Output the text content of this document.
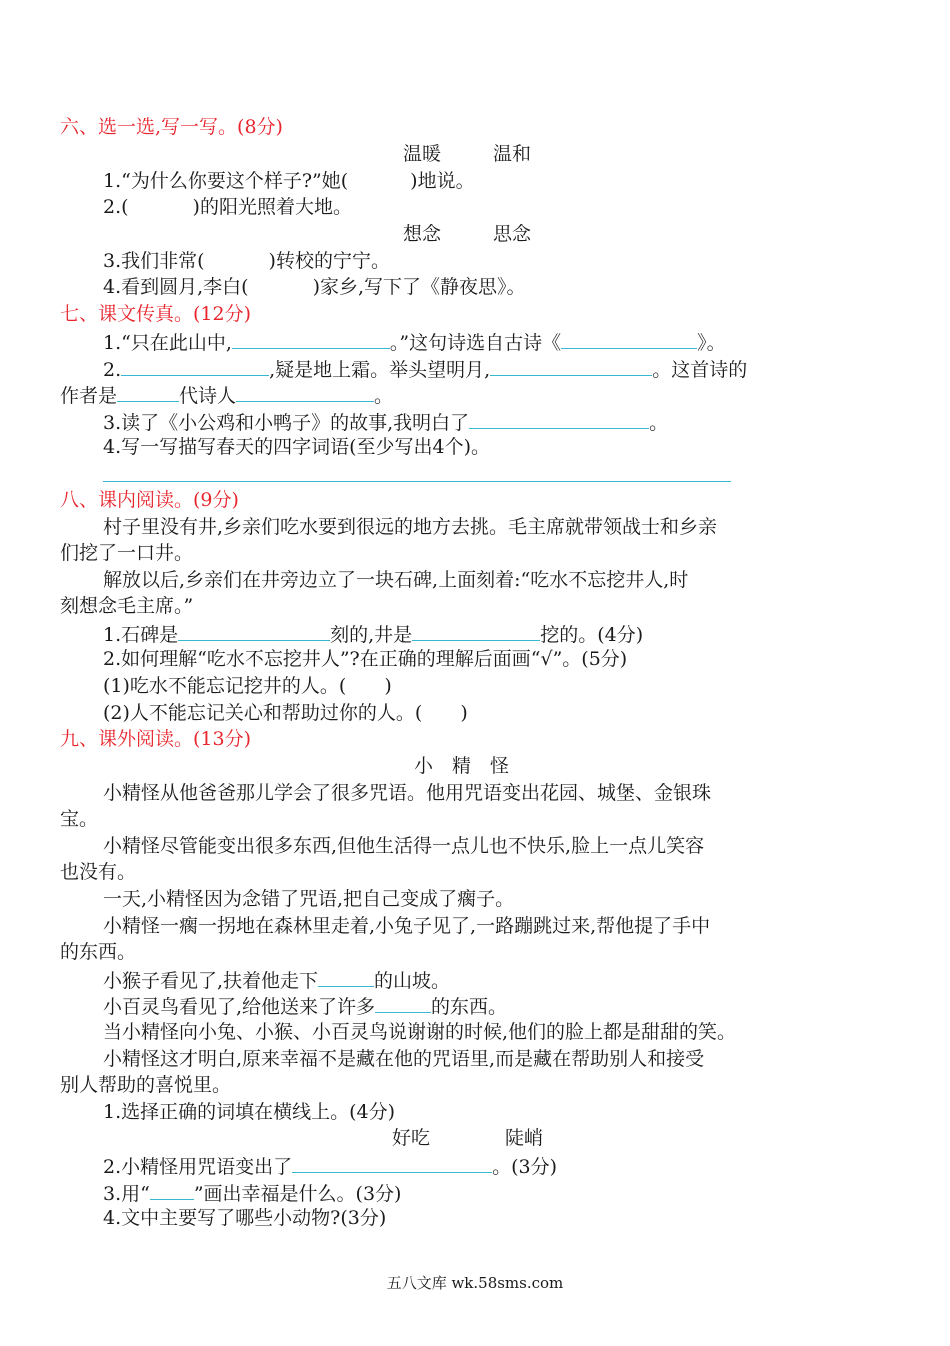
六、选一选,写一写。(8分)
温暖	温和
1.“为什么你要这个样子?”她(	)地说。
2.(	)的阳光照着大地。
想念	思念
3.我们非常(	)转校的宁宁。
4.看到圆月,李白(	)家乡,写下了《静夜思》。
七、课文传真。(12分)
1.“只在此山中,	。”这句诗选自古诗《	》。
2.	,疑是地上霜。举头望明月,	。这首诗的
作者是	代诗人	。
3.读了《小公鸡和小鸭子》的故事,我明白了	。
4.写一写描写春天的四字词语(至少写出4个)。
八、课内阅读。(9分)
村子里没有井,乡亲们吃水要到很远的地方去挑。毛主席就带领战士和乡亲
们挖了一口井。
解放以后,乡亲们在井旁边立了一块石碑,上面刻着:“吃水不忘挖井人,时
刻想念毛主席。”
1.石碑是	刻的,井是	挖的。(4分)
2.如何理解“吃水不忘挖井人”?在正确的理解后面画“√”。(5分)
(1)吃水不能忘记挖井的人。(　　)
(2)人不能忘记关心和帮助过你的人。(　　)
九、课外阅读。(13分)
小　精　怪
小精怪从他爸爸那儿学会了很多咒语。他用咒语变出花园、城堡、金银珠
宝。
小精怪尽管能变出很多东西,但他生活得一点儿也不快乐,脸上一点儿笑容
也没有。
一天,小精怪因为念错了咒语,把自己变成了瘸子。
小精怪一瘸一拐地在森林里走着,小兔子见了,一路蹦跳过来,帮他提了手中
的东西。
小猴子看见了,扶着他走下	的山坡。
小百灵鸟看见了,给他送来了许多	的东西。
当小精怪向小兔、小猴、小百灵鸟说谢谢的时候,他们的脸上都是甜甜的笑。
小精怪这才明白,原来幸福不是藏在他的咒语里,而是藏在帮助别人和接受
别人帮助的喜悦里。
1.选择正确的词填在横线上。(4分)
好吃	陡峭
2.小精怪用咒语变出了	。(3分)
3.用“ ”画出幸福是什么。(3分)
4.文中主要写了哪些小动物?(3分)
五八文库 wk.58sms.com
